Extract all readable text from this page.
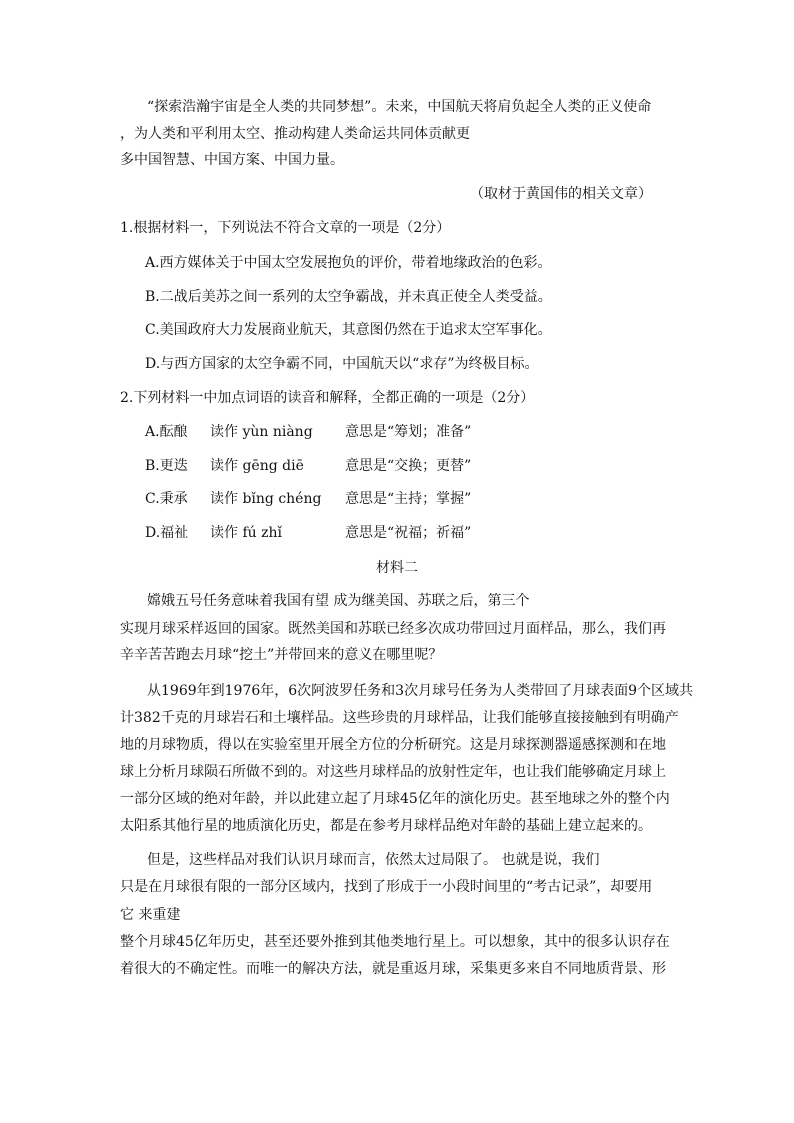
“探索浩瀚宇宙是全人类的共同梦想”。未来，中国航天将肩负起全人类的正义使命
，为人类和平利用太空、推动构建人类命运共同体贡献更
多中国智慧、中国方案、中国力量。
（取材于黄国伟的相关文章）
1.根据材料一，下列说法不符合文章的一项是（2分）
A.西方媒体关于中国太空发展抱负的评价，带着地缘政治的色彩。
B.二战后美苏之间一系列的太空争霸战，并未真正使全人类受益。
C.美国政府大力发展商业航天，其意图仍然在于追求太空军事化。
D.与西方国家的太空争霸不同，中国航天以“求存”为终极目标。
2.下列材料一中加点词语的读音和解释，全都正确的一项是（2分）
A.酝酿 读作 yùn niàng 意思是“筹划；准备”
B.更迭 读作 gēng diē	意思是“交换；更替”
C.秉承 读作 bǐng chéng 意思是“主持；掌握”
D.福祉 读作 fú zhǐ	意思是“祝福；祈福”
材料二
嫦娥五号任务意味着我国有望 成为继美国、苏联之后，第三个
实现月球采样返回的国家。既然美国和苏联已经多次成功带回过月面样品，那么，我们再
辛辛苦苦跑去月球“挖土”并带回来的意义在哪里呢？
从1969年到1976年，6次阿波罗任务和3次月球号任务为人类带回了月球表面9个区域共
计382千克的月球岩石和土壤样品。这些珍贵的月球样品，让我们能够直接接触到有明确产
地的月球物质，得以在实验室里开展全方位的分析研究。这是月球探测器遥感探测和在地
球上分析月球陨石所做不到的。对这些月球样品的放射性定年，也让我们能够确定月球上
一部分区域的绝对年龄，并以此建立起了月球45亿年的演化历史。甚至地球之外的整个内
太阳系其他行星的地质演化历史，都是在参考月球样品绝对年龄的基础上建立起来的。
但是，这些样品对我们认识月球而言，依然太过局限了。 也就是说，我们
只是在月球很有限的一部分区域内，找到了形成于一小段时间里的“考古记录”，却要用
它 来重建
整个月球45亿年历史，甚至还要外推到其他类地行星上。可以想象，其中的很多认识存在
着很大的不确定性。而唯一的解决方法，就是重返月球，采集更多来自不同地质背景、形
